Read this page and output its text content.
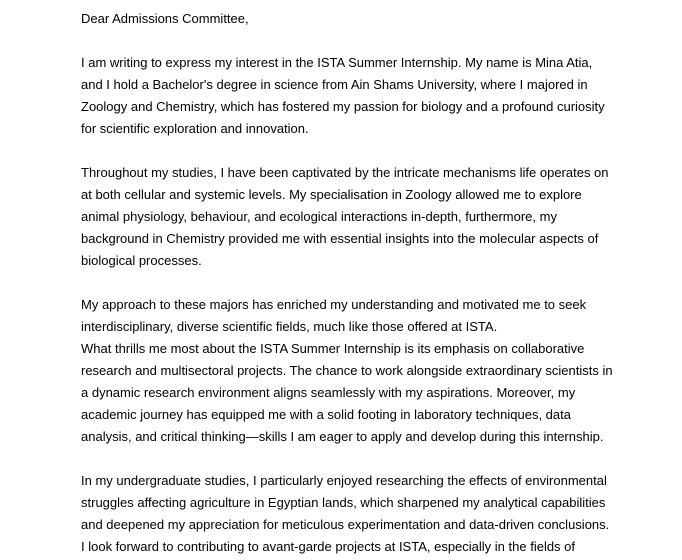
Dear Admissions Committee,
I am writing to express my interest in the ISTA Summer Internship. My name is Mina Atia,
and I hold a Bachelor's degree in science from Ain Shams University, where I majored in
Zoology and Chemistry, which has fostered my passion for biology and a profound curiosity
for scientific exploration and innovation.
Throughout my studies, I have been captivated by the intricate mechanisms life operates on
at both cellular and systemic levels. My specialisation in Zoology allowed me to explore
animal physiology, behaviour, and ecological interactions in-depth, furthermore, my
background in Chemistry provided me with essential insights into the molecular aspects of
biological processes.
My approach to these majors has enriched my understanding and motivated me to seek
interdisciplinary, diverse scientific fields, much like those offered at ISTA.
What thrills me most about the ISTA Summer Internship is its emphasis on collaborative
research and multisectoral projects. The chance to work alongside extraordinary scientists in
a dynamic research environment aligns seamlessly with my aspirations. Moreover, my
academic journey has equipped me with a solid footing in laboratory techniques, data
analysis, and critical thinking—skills I am eager to apply and develop during this internship.
In my undergraduate studies, I particularly enjoyed researching the effects of environmental
struggles affecting agriculture in Egyptian lands, which sharpened my analytical capabilities
and deepened my appreciation for meticulous experimentation and data-driven conclusions.
I look forward to contributing to avant-garde projects at ISTA, especially in the fields of
